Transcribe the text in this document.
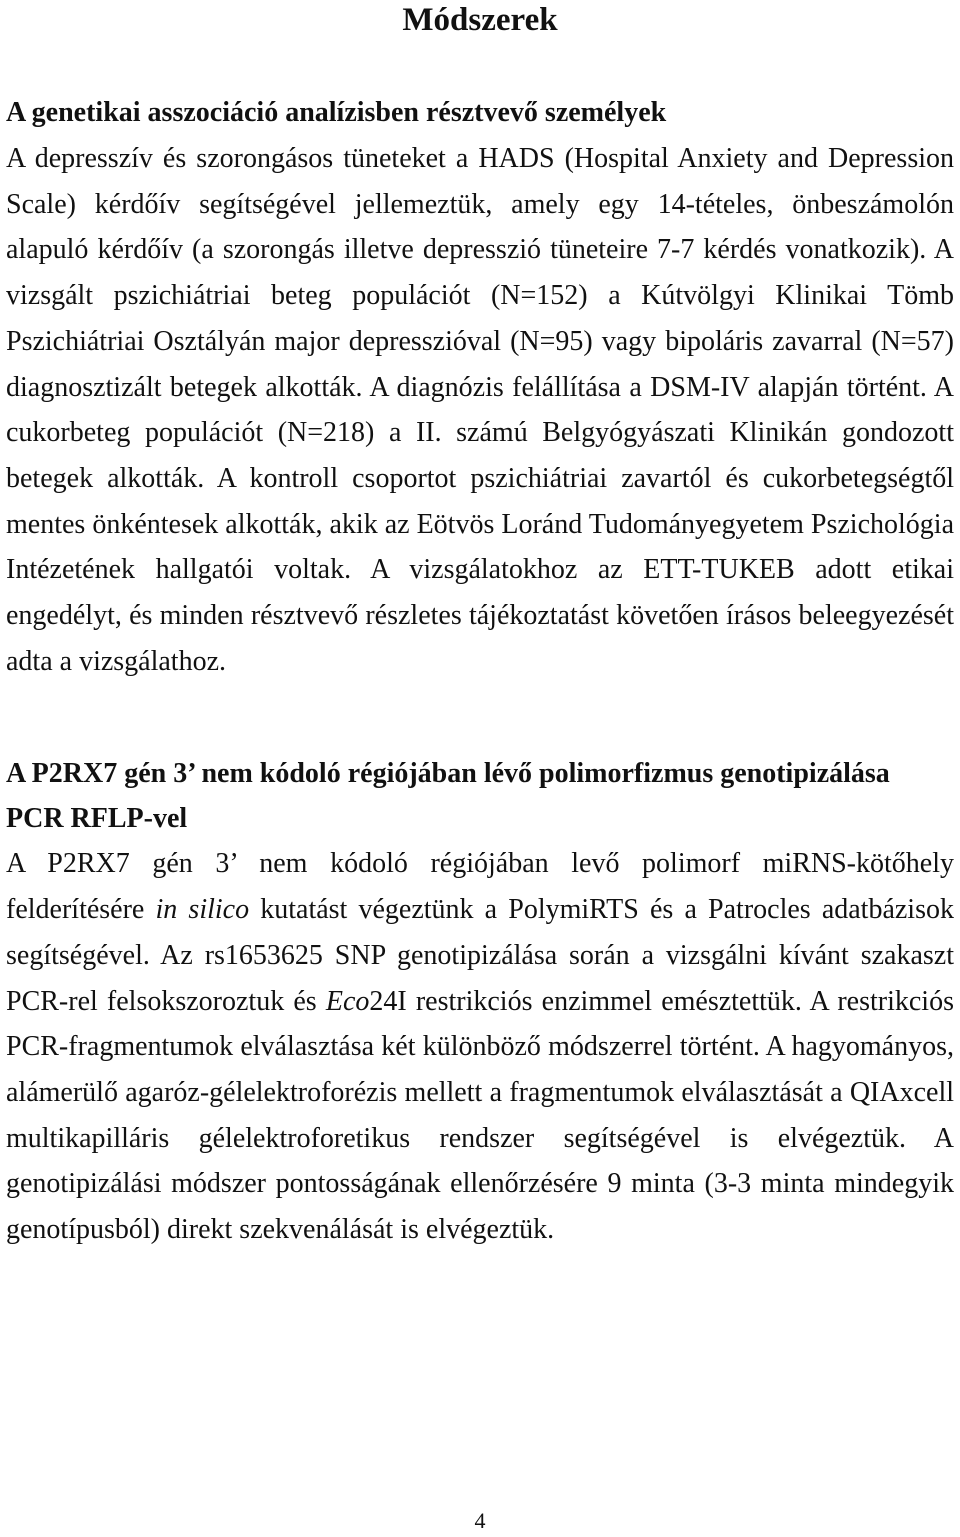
Módszerek
A genetikai asszociáció analízisben résztvevő személyek

A depresszív és szorongásos tüneteket a HADS (Hospital Anxiety and Depression Scale) kérdőív segítségével jellemeztük, amely egy 14-tételes, önbeszámolón alapuló kérdőív (a szorongás illetve depresszió tüneteire 7-7 kérdés vonatkozik). A vizsgált pszichiátriai beteg populációt (N=152) a Kútvölgyi Klinikai Tömb Pszichiátriai Osztályán major depresszióval (N=95) vagy bipoláris zavarral (N=57) diagnosztizált betegek alkották. A diagnózis felállítása a DSM-IV alapján történt. A cukorbeteg populációt (N=218) a II. számú Belgyógyászati Klinikán gondozott betegek alkották. A kontroll csoportot pszichiátriai zavartól és cukorbetegségtől mentes önkéntesek alkották, akik az Eötvös Loránd Tudományegyetem Pszichológia Intézetének hallgatói voltak. A vizsgálatokhoz az ETT-TUKEB adott etikai engedélyt, és minden résztvevő részletes tájékoztatást követően írásos beleegyezését adta a vizsgálathoz.

A P2RX7 gén 3’ nem kódoló régiójában lévő polimorfizmus genotipizálása PCR RFLP-vel

A P2RX7 gén 3’ nem kódoló régiójában levő polimorf miRNS-kötőhely felderítésére in silico kutatást végeztünk a PolymiRTS és a Patrocles adatbázisok segítségével. Az rs1653625 SNP genotipizálása során a vizsgálni kívánt szakaszt PCR-rel felsokszoroztuk és Eco24I restrikciós enzimmel emésztettük. A restrikciós PCR-fragmentumok elválasztása két különböző módszerrel történt. A hagyományos, alámerülő agaróz-gélelektroforézis mellett a fragmentumok elválasztását a QIAxcell multikapilláris gélelektroforetikus rendszer segítségével is elvégeztük. A genotipizálási módszer pontosságának ellenőrzésére 9 minta (3-3 minta mindegyik genotípusból) direkt szekvenálását is elvégeztük.

4
